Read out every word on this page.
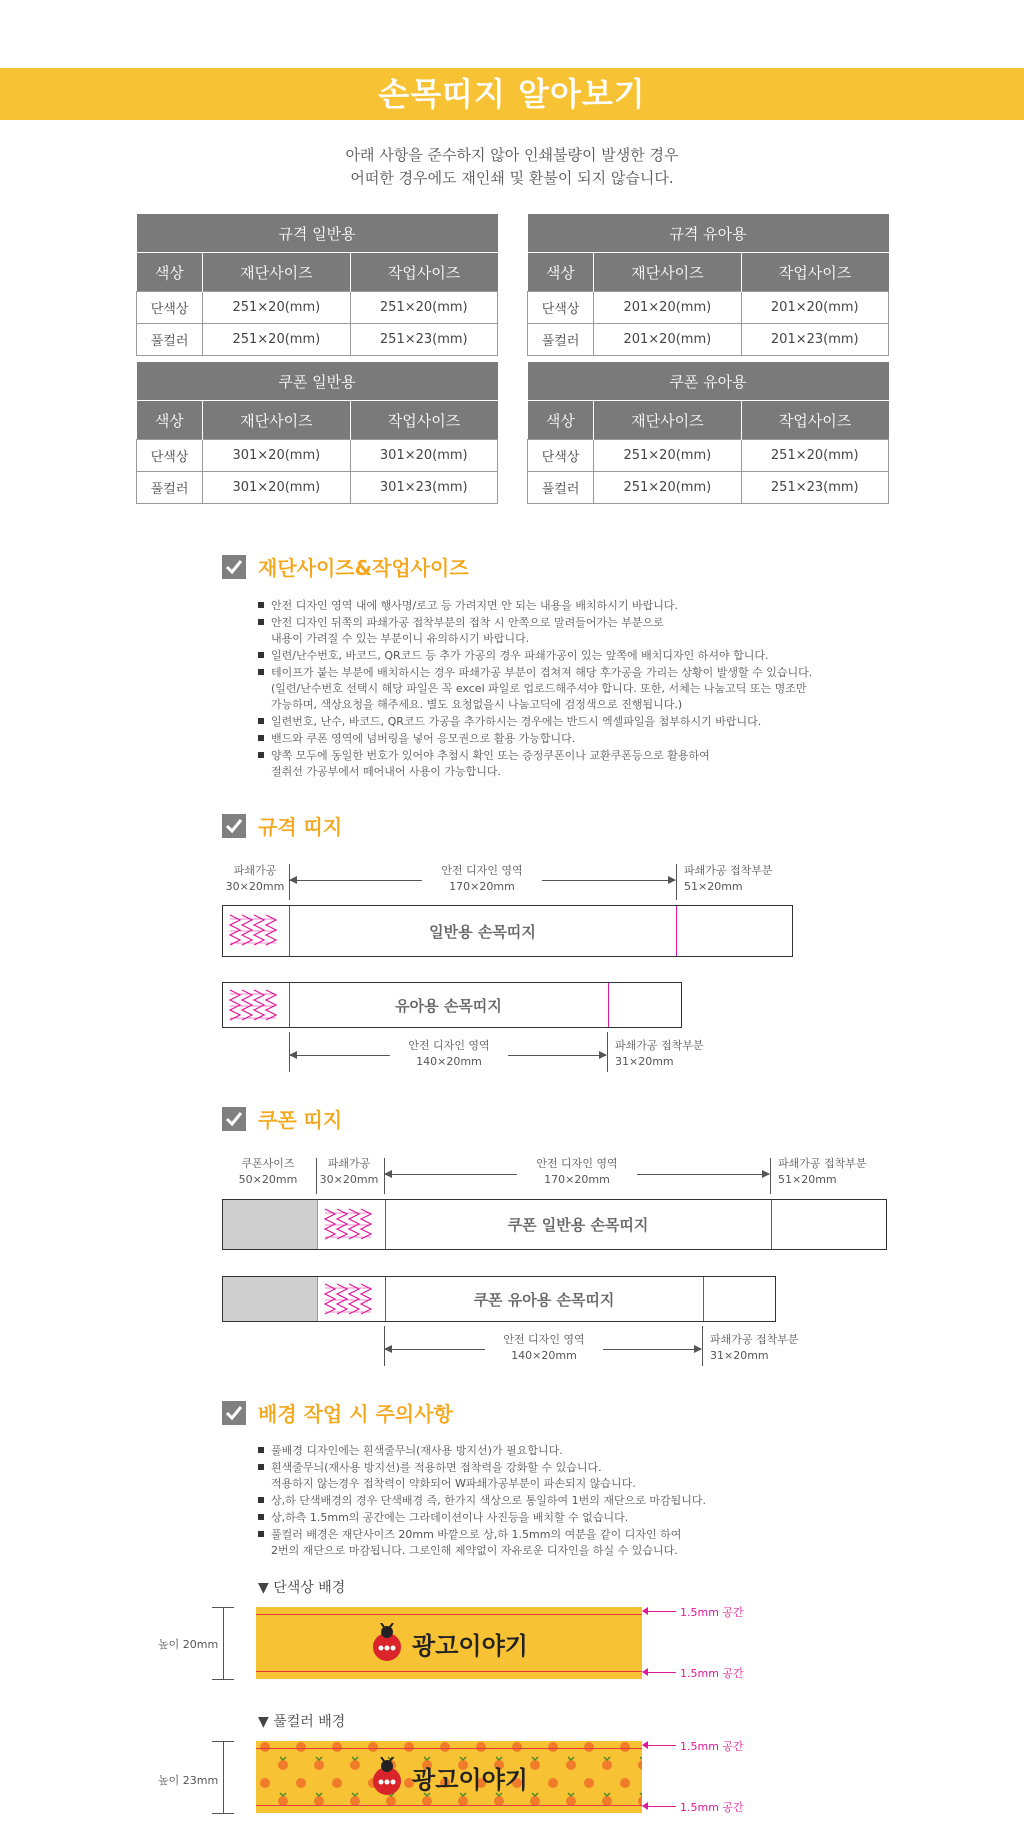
손목띠지 알아보기
아래 사항을 준수하지 않아 인쇄불량이 발생한 경우
어떠한 경우에도 재인쇄 및 환불이 되지 않습니다.
규격 일반용		
색상	재단사이즈	작업사이즈
단색상	251×20(mm)	251×20(mm)
풀컬러	251×20(mm)	251×23(mm)
규격 유아용		
색상	재단사이즈	작업사이즈
단색상	201×20(mm)	201×20(mm)
풀컬러	201×20(mm)	201×23(mm)
쿠폰 일반용		
색상	재단사이즈	작업사이즈
단색상	301×20(mm)	301×20(mm)
풀컬러	301×20(mm)	301×23(mm)
쿠폰 유아용		
색상	재단사이즈	작업사이즈
단색상	251×20(mm)	251×20(mm)
풀컬러	251×20(mm)	251×23(mm)
재단사이즈&작업사이즈
안전 디자인 영역 내에 행사명/로고 등 가려지면 안 되는 내용을 배치하시기 바랍니다.
안전 디자인 뒤쪽의 파쇄가공 접착부분의 접착 시 안쪽으로 말려들어가는 부분으로
내용이 가려질 수 있는 부분이니 유의하시기 바랍니다.
일련/난수번호, 바코드, QR코드 등 추가 가공의 경우 파쇄가공이 있는 앞쪽에 배치디자인 하셔야 합니다.
테이프가 붙는 부분에 배치하시는 경우 파쇄가공 부분이 겹쳐져 해당 후가공을 가리는 상황이 발생할 수 있습니다.
(일련/난수번호 선택시 해당 파일은 꼭 excel 파일로 업로드해주셔야 합니다. 또한, 서체는 나눔고딕 또는 명조만
가능하며, 색상요청을 해주세요. 별도 요청없을시 나눔고딕에 검정색으로 진행됩니다.)
일련번호, 난수, 바코드, QR코드 가공을 추가하시는 경우에는 반드시 엑셀파일을 첨부하시기 바랍니다.
밴드와 쿠폰 영역에 넘버링을 넣어 응모권으로 활용 가능합니다.
양쪽 모두에 동일한 번호가 있어야 추첨시 확인 또는 증정쿠폰이나 교환쿠폰등으로 활용하여
절취선 가공부에서 떼어내어 사용이 가능합니다.
규격 띠지
파쇄가공
30×20mm
안전 디자인 영역
170×20mm
파쇄가공 접착부분
51×20mm
일반용 손목띠지
유아용 손목띠지
안전 디자인 영역
140×20mm
파쇄가공 접착부분
31×20mm
쿠폰 띠지
쿠폰사이즈
50×20mm
파쇄가공
30×20mm
안전 디자인 영역
170×20mm
파쇄가공 접착부분
51×20mm
쿠폰 일반용 손목띠지
쿠폰 유아용 손목띠지
안전 디자인 영역
140×20mm
파쇄가공 접착부분
31×20mm
배경 작업 시 주의사항
풀배경 디자인에는 흰색줄무늬(재사용 방지선)가 필요합니다.
흰색줄무늬(재사용 방지선)를 적용하면 접착력을 강화할 수 있습니다.
적용하지 않는경우 접착력이 약화되어 W파쇄가공부분이 파손되지 않습니다.
상,하 단색배경의 경우 단색배경 즉, 한가지 색상으로 통일하여 1번의 재단으로 마감됩니다.
상,하측 1.5mm의 공간에는 그라데이션이나 사진등을 배치할 수 없습니다.
풀컬러 배경은 재단사이즈 20mm 바깥으로 상,하 1.5mm의 여분을 같이 디자인 하여
2번의 재단으로 마감됩니다. 그로인해 제약없이 자유로운 디자인을 하실 수 있습니다.
▼ 단색상 배경
높이 20mm	광고이야기
1.5mm 공간
1.5mm 공간
▼ 풀컬러 배경
높이 23mm	광고이야기
1.5mm 공간
1.5mm 공간
